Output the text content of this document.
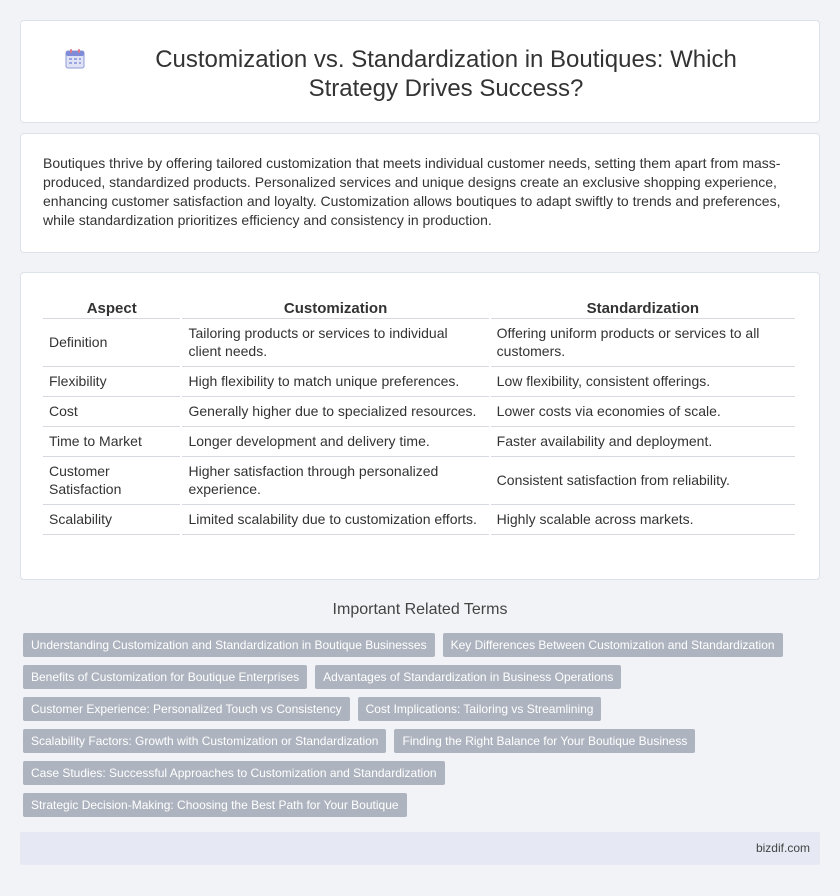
Customization vs. Standardization in Boutiques: Which Strategy Drives Success?

Boutiques thrive by offering tailored customization that meets individual customer needs, setting them apart from mass-produced, standardized products. Personalized services and unique designs create an exclusive shopping experience, enhancing customer satisfaction and loyalty. Customization allows boutiques to adapt swiftly to trends and preferences, while standardization prioritizes efficiency and consistency in production.

Aspect	Customization	Standardization
Definition	Tailoring products or services to individual client needs.	Offering uniform products or services to all customers.
Flexibility	High flexibility to match unique preferences.	Low flexibility, consistent offerings.
Cost	Generally higher due to specialized resources.	Lower costs via economies of scale.
Time to Market	Longer development and delivery time.	Faster availability and deployment.
Customer Satisfaction	Higher satisfaction through personalized experience.	Consistent satisfaction from reliability.
Scalability	Limited scalability due to customization efforts.	Highly scalable across markets.
Important Related Terms
Understanding Customization and Standardization in Boutique Businesses	Key Differences Between Customization and Standardization
Benefits of Customization for Boutique Enterprises	Advantages of Standardization in Business Operations
Customer Experience: Personalized Touch vs Consistency	Cost Implications: Tailoring vs Streamlining
Scalability Factors: Growth with Customization or Standardization	Finding the Right Balance for Your Boutique Business
Case Studies: Successful Approaches to Customization and Standardization
Strategic Decision-Making: Choosing the Best Path for Your Boutique
bizdif.com
